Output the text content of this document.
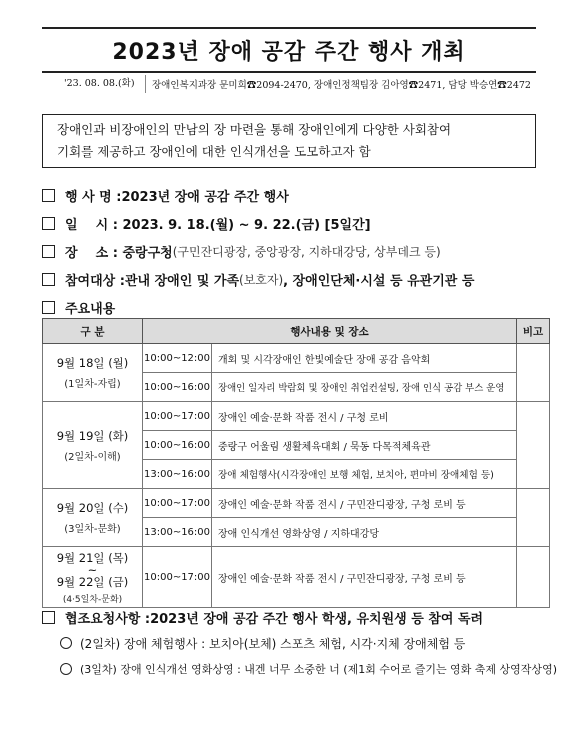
2023년 장애 공감 주간 행사 개최
'23. 08. 08.(화)	장애인복지과장 문미희☎2094-2470, 장애인정책팀장 김아영☎2471, 담당 박승연☎2472
장애인과 비장애인의 만남의 장 마련을 통해 장애인에게 다양한 사회참여
기회를 제공하고 장애인에 대한 인식개선을 도모하고자 함
행 사 명 : 2023년 장애 공감 주간 행사
일    시 : 2023. 9. 18.(월) ~ 9. 22.(금) [5일간]
장    소 : 중랑구청 (구민잔디광장, 중앙광장, 지하대강당, 상부데크 등)
참여대상 : 관내 장애인 및 가족 (보호자) , 장애인단체·시설 등 유관기관 등
주요내용
구 분	행사내용 및 장소		비고

9월 18일 (월)
(1일차-자립)	10:00~12:00	개회 및 시각장애인 한빛예술단 장애 공감 음악회	
	10:00~16:00	장애인 일자리 박람회 및 장애인 취업컨설팅, 장애 인식 공감 부스 운영	

9월 19일 (화)
(2일차-이해)	10:00~17:00	장애인 예술·문화 작품 전시 / 구청 로비	
	10:00~16:00	중랑구 어울림 생활체육대회 / 묵동 다목적체육관	
	13:00~16:00	장애 체험행사(시각장애인 보행 체험, 보치아, 편마비 장애체험 등)	

9월 20일 (수)
(3일차-문화)	10:00~17:00	장애인 예술·문화 작품 전시 / 구민잔디광장, 구청 로비 등	
	13:00~16:00	장애 인식개선 영화상영 / 지하대강당	

9월 21일 (목)
~
9월 22일 (금)
(4·5일차-문화)	10:00~17:00	장애인 예술·문화 작품 전시 / 구민잔디광장, 구청 로비 등	
협조요청사항 : 2023년 장애 공감 주간 행사 학생, 유치원생 등 참여 독려
(2일차) 장애 체험행사 : 보치아(보체) 스포츠 체험, 시각·지체 장애체험 등
(3일차) 장애 인식개선 영화상영 : 내겐 너무 소중한 너 (제1회 수어로 즐기는 영화 축제 상영작상영)
